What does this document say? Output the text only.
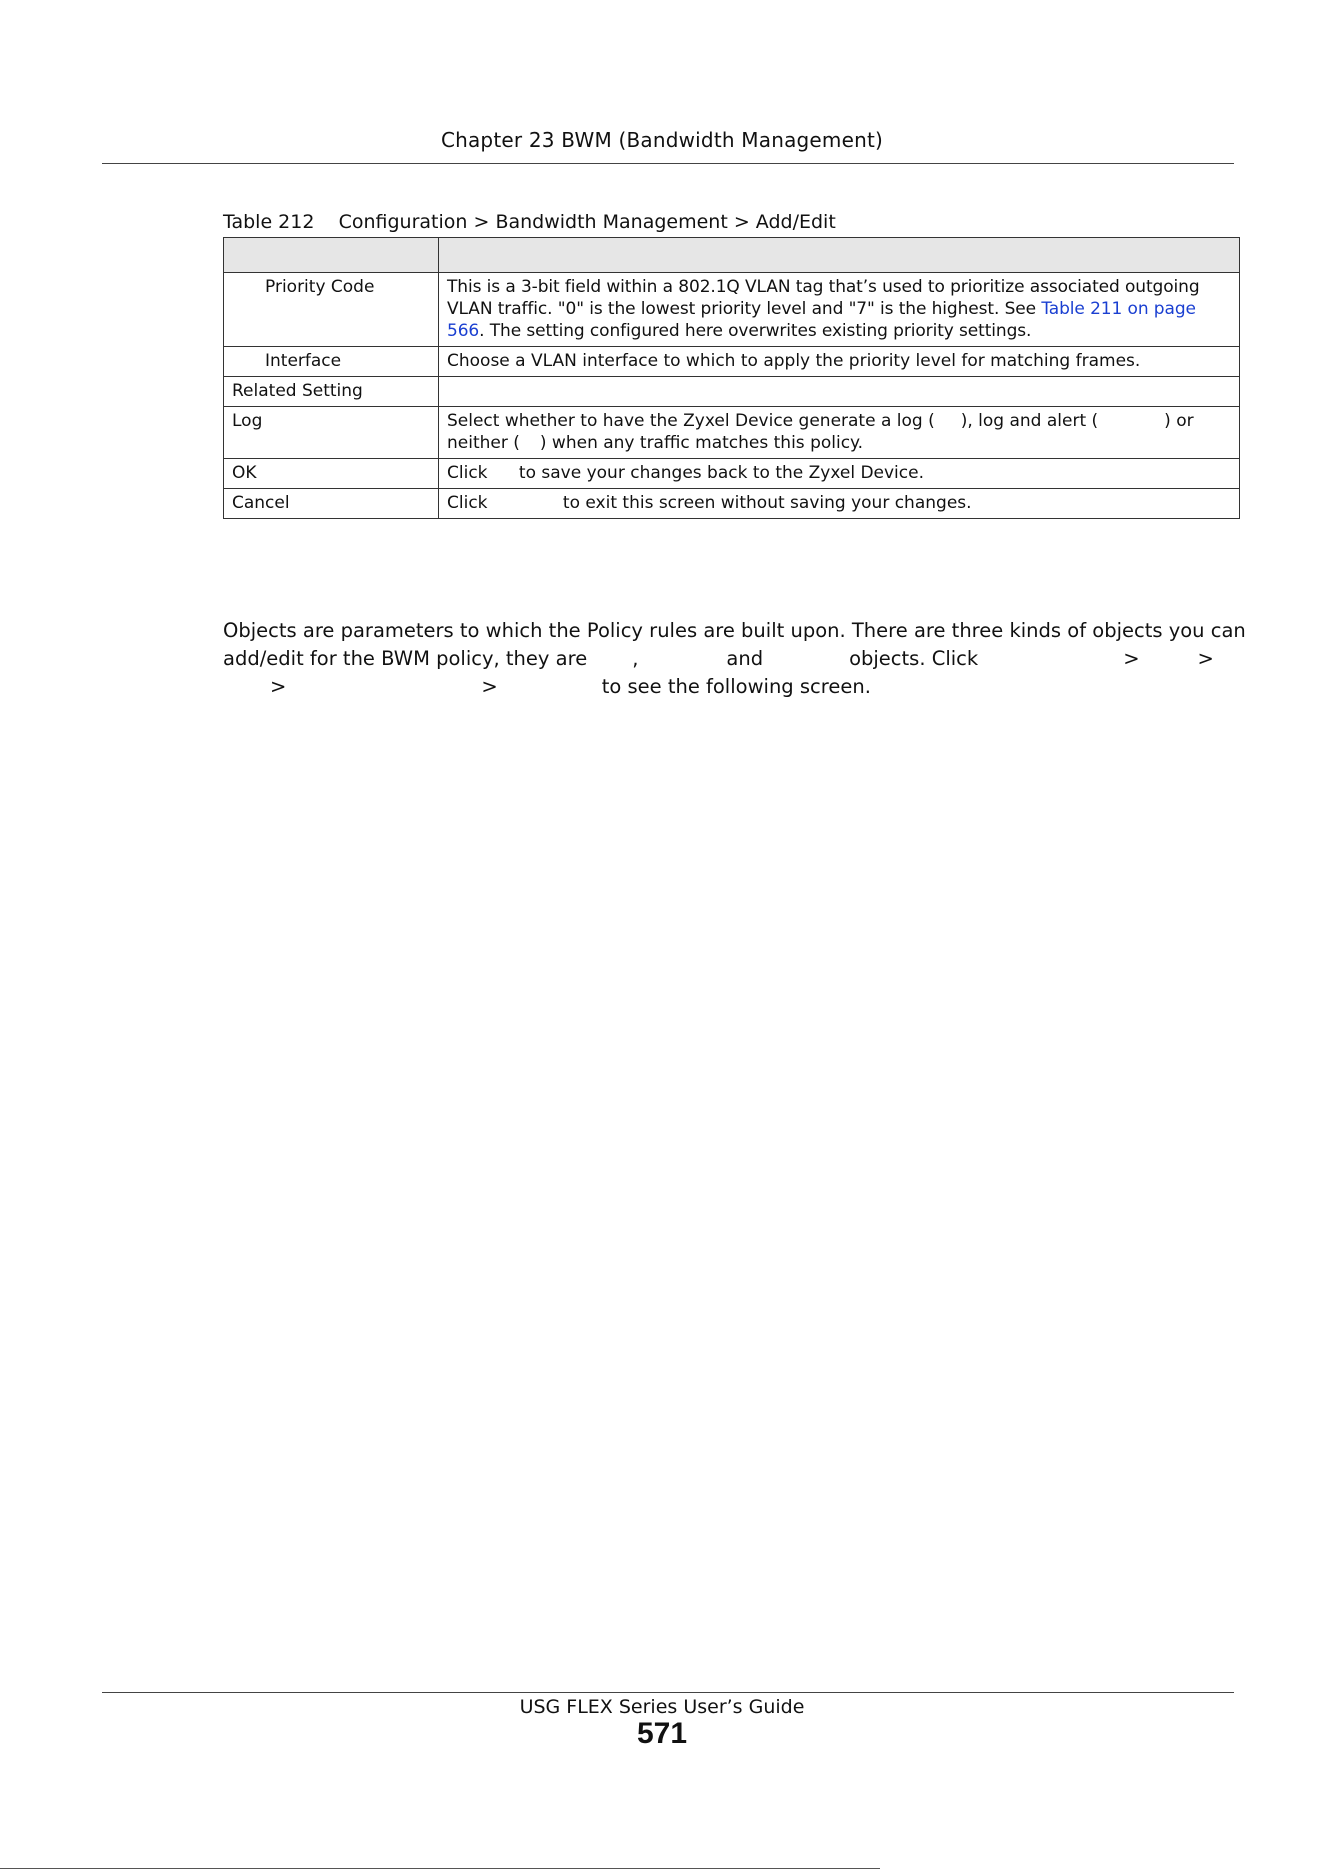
Chapter 23 BWM (Bandwidth Management)
Table 212    Configuration > Bandwidth Management > Add/Edit

Priority Code	This is a 3-bit field within a 802.1Q VLAN tag that’s used to prioritize associated outgoing VLAN traffic. "0" is the lowest priority level and "7" is the highest. See Table 211 on page 566. The setting configured here overwrites existing priority settings.
Interface	Choose a VLAN interface to which to apply the priority level for matching frames.
Related Setting	
Log	Select whether to have the Zyxel Device generate a log ( ), log and alert ( ) or
neither ( ) when any traffic matches this policy.
OK	Click to save your changes back to the Zyxel Device.
Cancel	Click to exit this screen without saving your changes.
Objects are parameters to which the Policy rules are built upon. There are three kinds of objects you can
add/edit for the BWM policy, they are ,	and	objects. Click	>	>
>	>	to see the following screen.
USG FLEX Series User’s Guide
571
